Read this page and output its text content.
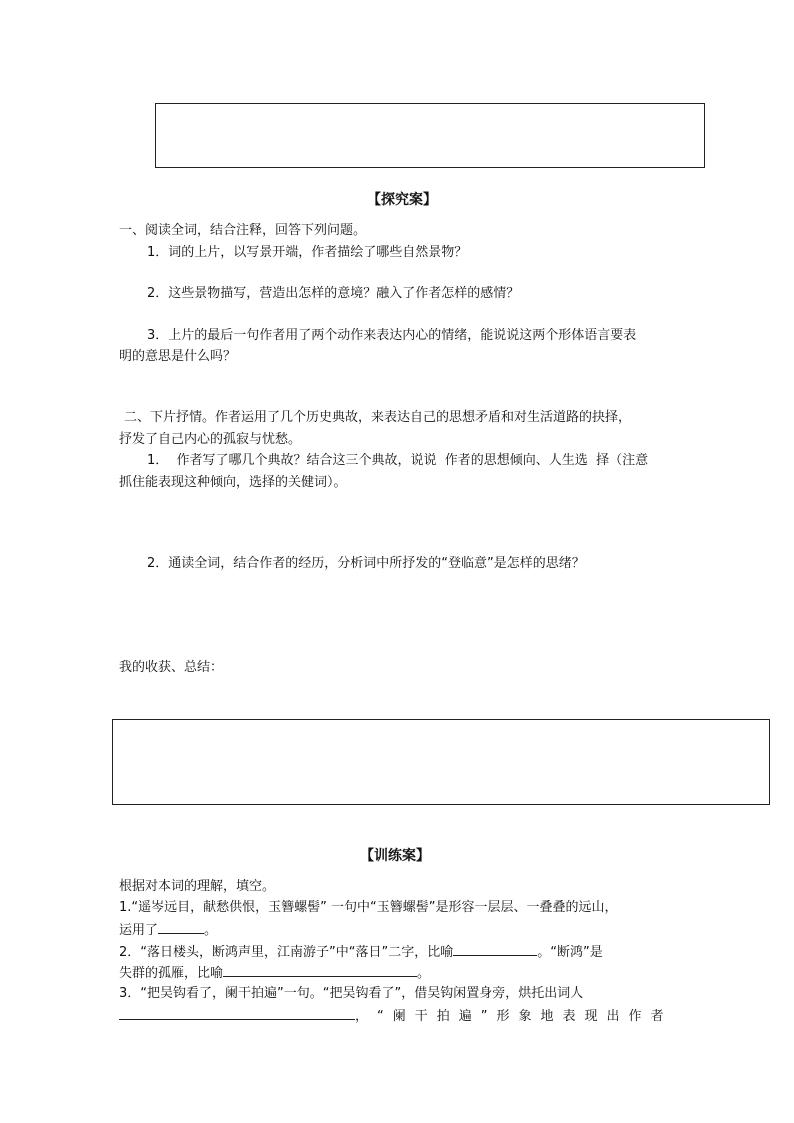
【探究案】
一、阅读全词，结合注释，回答下列问题。
1．词的上片，以写景开端，作者描绘了哪些自然景物？
2．这些景物描写，营造出怎样的意境？融入了作者怎样的感情？
3．上片的最后一句作者用了两个动作来表达内心的情绪，能说说这两个形体语言要表
明的意思是什么吗？
二、下片抒情。作者运用了几个历史典故，来表达自己的思想矛盾和对生活道路的抉择，
抒发了自己内心的孤寂与忧愁。
1．  作者写了哪几个典故？结合这三个典故，说说  作者的思想倾向、人生选  择（注意
抓住能表现这种倾向，选择的关健词）。
2．通读全词，结合作者的经历，分析词中所抒发的“登临意”是怎样的思绪？
我的收获、总结：
【训练案】
根据对本词的理解，填空。
1.“遥岑远目，献愁供恨，玉簪螺髻” 一句中“玉簪螺髻”是形容一层层、一叠叠的远山，
运用了	。
2．“落日楼头，断鸿声里，江南游子”中“落日”二字，比喻	。“断鸿”是
失群的孤雁，比喻	。
3．“把吴钩看了，阑干拍遍”一句。“把吴钩看了”，借吴钩闲置身旁，烘托出词人
，“阑干拍遍”形象地表现出作者
